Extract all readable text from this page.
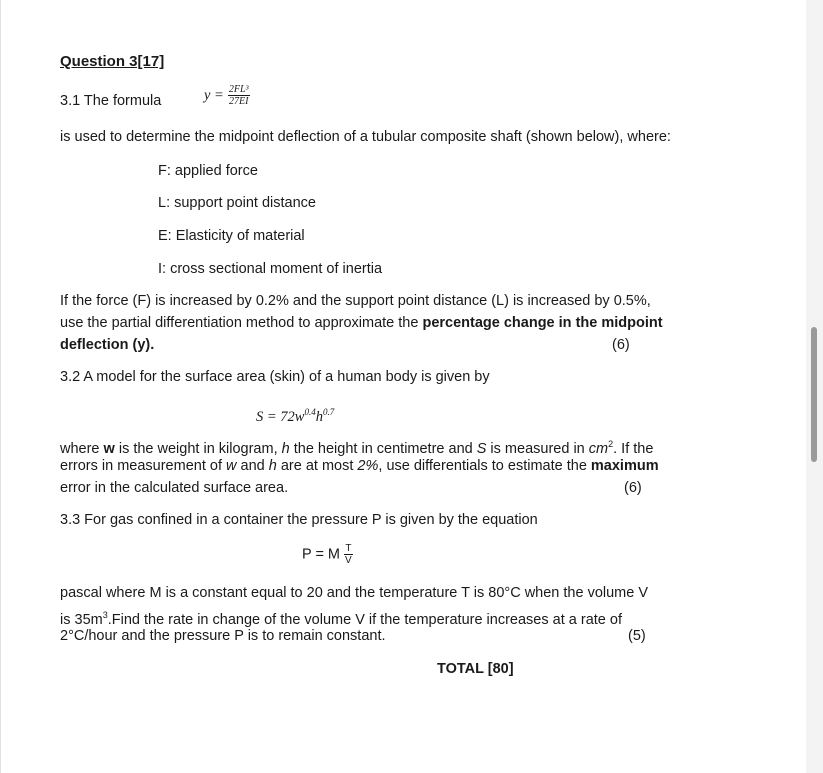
Question 3[17]
3.1 The formula	$y = \frac{\text{2FL³}}{27EI}$
is used to determine the midpoint deflection of a tubular composite shaft (shown below), where:
F: applied force
L: support point distance
E: Elasticity of material
I: cross sectional moment of inertia
If the force (F) is increased by 0.2% and the support point distance (L) is increased by 0.5%,
use the partial differentiation method to approximate the percentage change in the midpoint
deflection (y).	(6)
3.2 A model for the surface area (skin) of a human body is given by
$S = 72w^{0.4}h^{0.7}$
where w is the weight in kilogram, h the height in centimetre and S is measured in $cm^2$. If the
errors in measurement of w and h are at most 2%, use differentials to estimate the maximum
error in the calculated surface area.	(6)
3.3 For gas confined in a container the pressure P is given by the equation
P = M $\frac{T}{V}$
pascal where M is a constant equal to 20 and the temperature T is 80°C when the volume V
is $35m^3.Find$ the rate in change of the volume V if the temperature increases at a rate of
2°C/hour and the pressure P is to remain constant.	(5)
TOTAL [80]
